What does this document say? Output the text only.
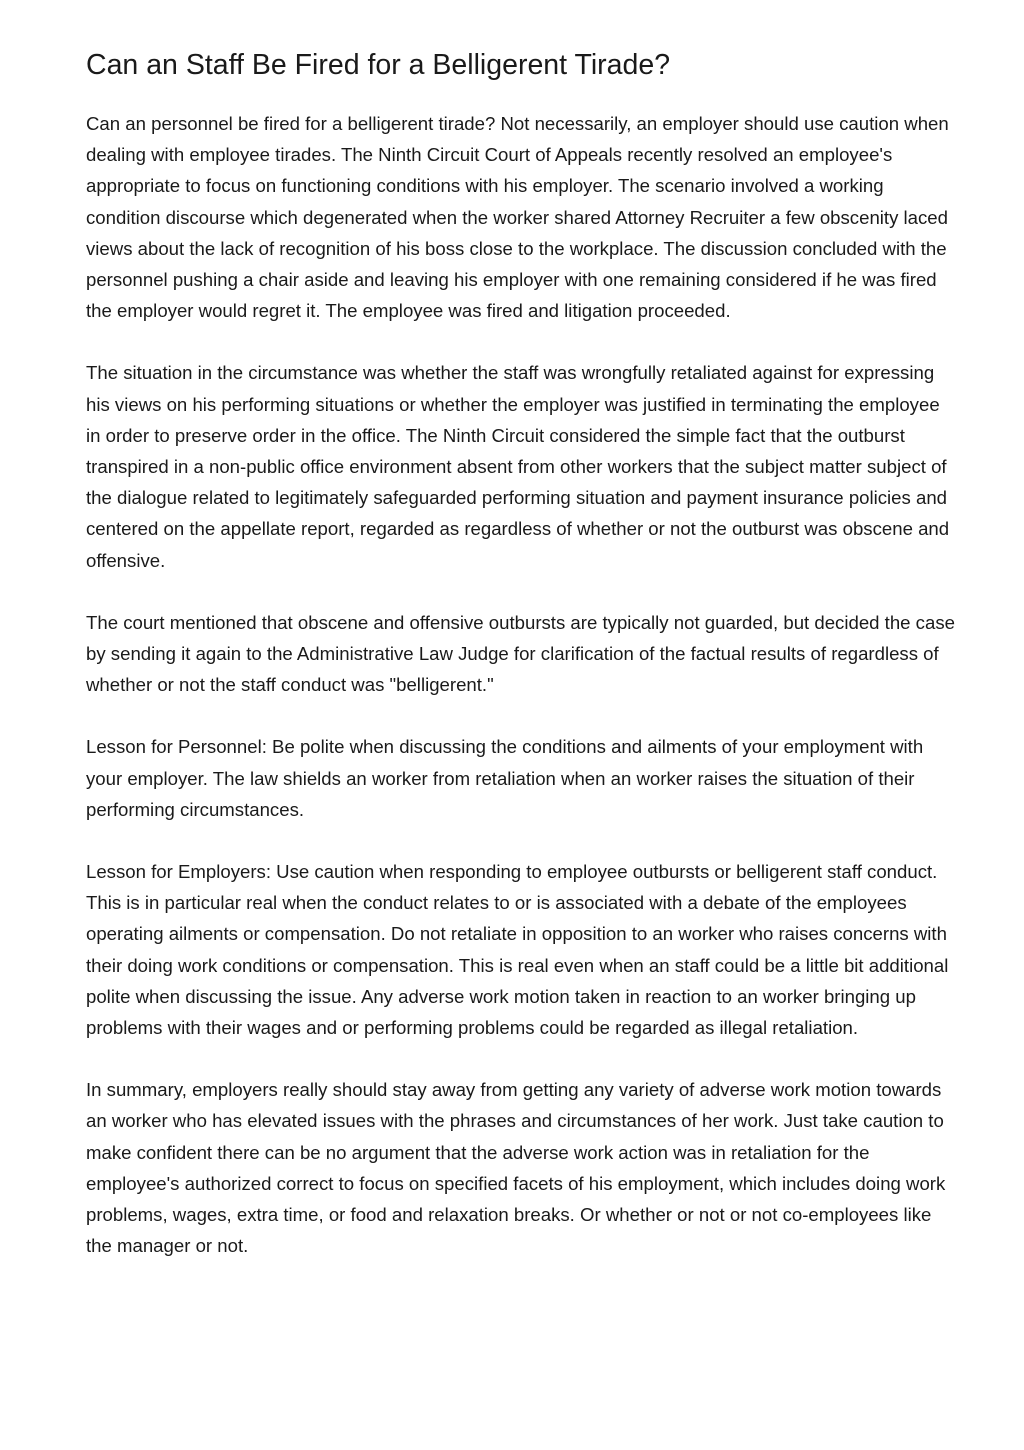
Can an Staff Be Fired for a Belligerent Tirade?

Can an personnel be fired for a belligerent tirade? Not necessarily, an employer should use caution when dealing with employee tirades. The Ninth Circuit Court of Appeals recently resolved an employee's appropriate to focus on functioning conditions with his employer. The scenario involved a working condition discourse which degenerated when the worker shared Attorney Recruiter a few obscenity laced views about the lack of recognition of his boss close to the workplace. The discussion concluded with the personnel pushing a chair aside and leaving his employer with one remaining considered if he was fired the employer would regret it. The employee was fired and litigation proceeded.

The situation in the circumstance was whether the staff was wrongfully retaliated against for expressing his views on his performing situations or whether the employer was justified in terminating the employee in order to preserve order in the office. The Ninth Circuit considered the simple fact that the outburst transpired in a non-public office environment absent from other workers that the subject matter subject of the dialogue related to legitimately safeguarded performing situation and payment insurance policies and centered on the appellate report, regarded as regardless of whether or not the outburst was obscene and offensive.

The court mentioned that obscene and offensive outbursts are typically not guarded, but decided the case by sending it again to the Administrative Law Judge for clarification of the factual results of regardless of whether or not the staff conduct was "belligerent."

Lesson for Personnel: Be polite when discussing the conditions and ailments of your employment with your employer. The law shields an worker from retaliation when an worker raises the situation of their performing circumstances.

Lesson for Employers: Use caution when responding to employee outbursts or belligerent staff conduct. This is in particular real when the conduct relates to or is associated with a debate of the employees operating ailments or compensation. Do not retaliate in opposition to an worker who raises concerns with their doing work conditions or compensation. This is real even when an staff could be a little bit additional polite when discussing the issue. Any adverse work motion taken in reaction to an worker bringing up problems with their wages and or performing problems could be regarded as illegal retaliation.

In summary, employers really should stay away from getting any variety of adverse work motion towards an worker who has elevated issues with the phrases and circumstances of her work. Just take caution to make confident there can be no argument that the adverse work action was in retaliation for the employee's authorized correct to focus on specified facets of his employment, which includes doing work problems, wages, extra time, or food and relaxation breaks. Or whether or not or not co-employees like the manager or not.
